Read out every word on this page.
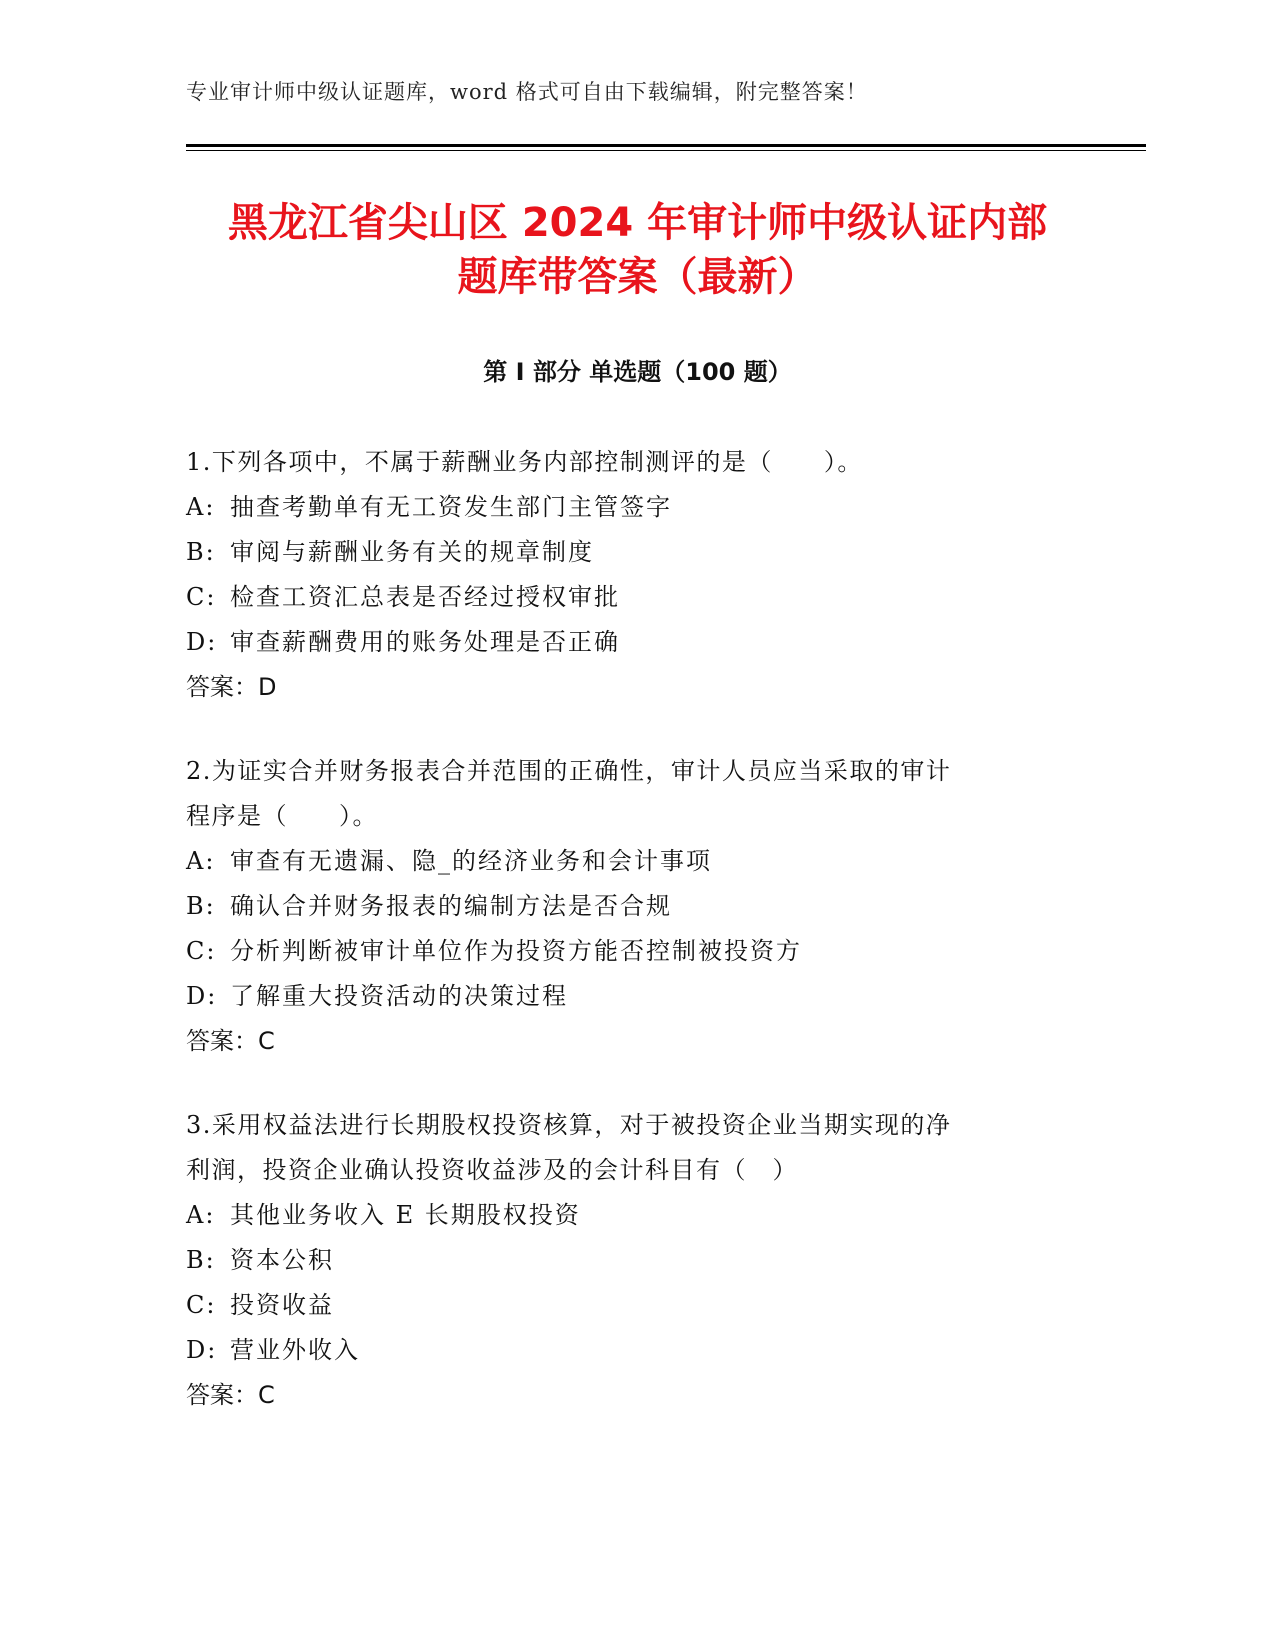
专业审计师中级认证题库，word 格式可自由下载编辑，附完整答案！
黑龙江省尖山区 2024 年审计师中级认证内部
题库带答案（最新）
第 I 部分 单选题（100 题）
1.下列各项中，不属于薪酬业务内部控制测评的是（　　）。
A: 抽查考勤单有无工资发生部门主管签字
B: 审阅与薪酬业务有关的规章制度
C: 检查工资汇总表是否经过授权审批
D: 审查薪酬费用的账务处理是否正确
答案：D
2.为证实合并财务报表合并范围的正确性，审计人员应当采取的审计
程序是（　　）。
A: 审查有无遗漏、隐_的经济业务和会计事项
B: 确认合并财务报表的编制方法是否合规
C: 分析判断被审计单位作为投资方能否控制被投资方
D: 了解重大投资活动的决策过程
答案：C
3.采用权益法进行长期股权投资核算，对于被投资企业当期实现的净
利润，投资企业确认投资收益涉及的会计科目有（　）
A: 其他业务收入 E 长期股权投资
B: 资本公积
C: 投资收益
D: 营业外收入
答案：C
